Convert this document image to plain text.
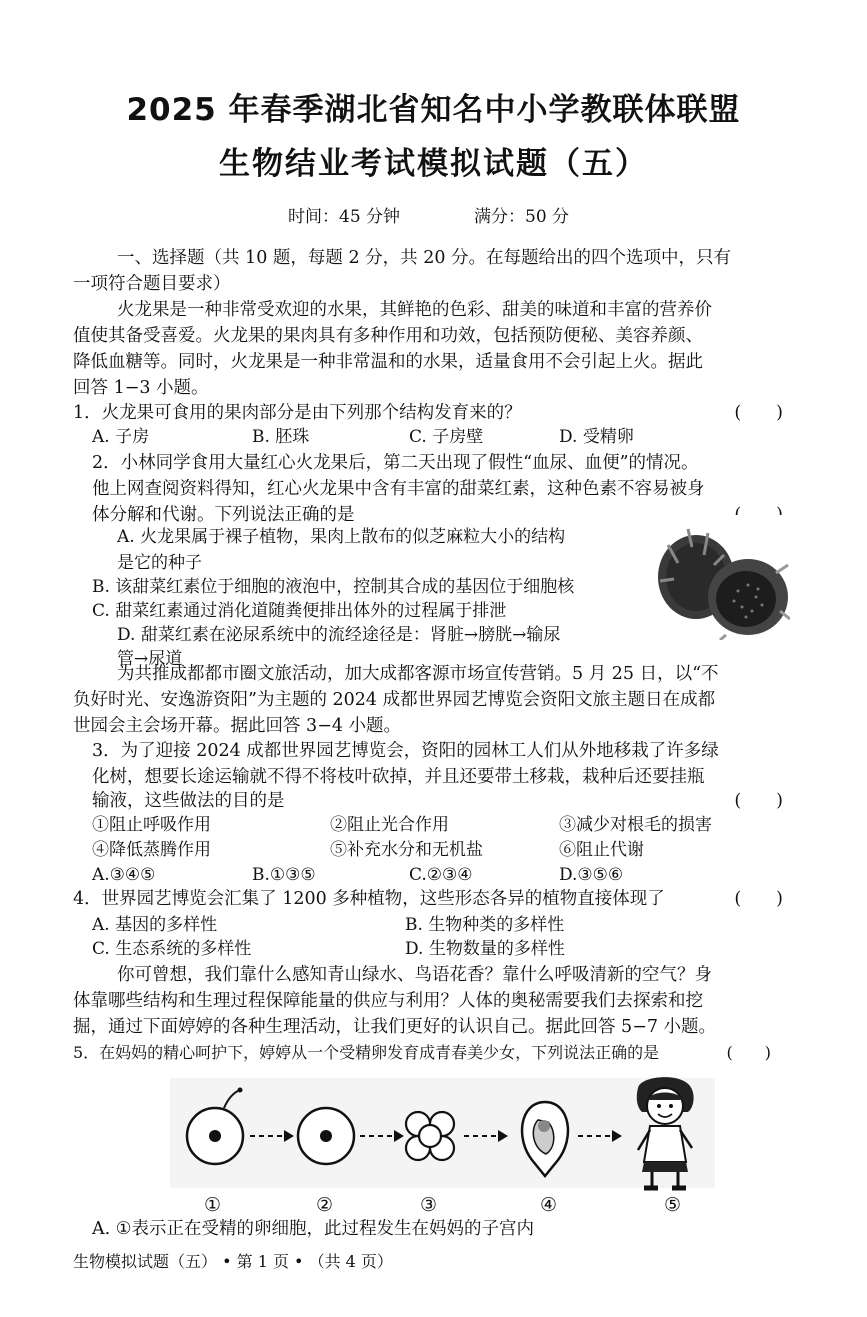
2025 年春季湖北省知名中小学教联体联盟
生物结业考试模拟试题（五）
时间：45 分钟	满分：50 分
一、选择题（共 10 题，每题 2 分，共 20 分。在每题给出的四个选项中，只有
一项符合题目要求）
火龙果是一种非常受欢迎的水果，其鲜艳的色彩、甜美的味道和丰富的营养价
值使其备受喜爱。火龙果的果肉具有多种作用和功效，包括预防便秘、美容养颜、
降低血糖等。同时，火龙果是一种非常温和的水果，适量食用不会引起上火。据此
回答 1−3 小题。
1．火龙果可食用的果肉部分是由下列那个结构发育来的？	(　　)
A. 子房	B. 胚珠	C. 子房壁	D. 受精卵
2．小林同学食用大量红心火龙果后，第二天出现了假性“血尿、血便”的情况。
他上网查阅资料得知，红心火龙果中含有丰富的甜菜红素，这种色素不容易被身
体分解和代谢。下列说法正确的是
A. 火龙果属于裸子植物，果肉上散布的似芝麻粒大小的结构
是它的种子
B. 该甜菜红素位于细胞的液泡中，控制其合成的基因位于细胞核
C. 甜菜红素通过消化道随粪便排出体外的过程属于排泄
D. 甜菜红素在泌尿系统中的流经途径是：肾脏→膀胱→输尿
管→尿道
为共推成都都市圈文旅活动，加大成都客源市场宣传营销。5 月 25 日，以“不
负好时光、安逸游资阳”为主题的 2024 成都世界园艺博览会资阳文旅主题日在成都
世园会主会场开幕。据此回答 3−4 小题。
3．为了迎接 2024 成都世界园艺博览会，资阳的园林工人们从外地移栽了许多绿
化树，想要长途运输就不得不将枝叶砍掉，并且还要带土移栽，栽种后还要挂瓶
输液，这些做法的目的是	(　　)
①阻止呼吸作用	②阻止光合作用	③减少对根毛的损害
④降低蒸腾作用	⑤补充水分和无机盐	⑥阻止代谢
A.③④⑤	B.①③⑤	C.②③④	D.③⑤⑥
4．世界园艺博览会汇集了 1200 多种植物，这些形态各异的植物直接体现了	(　　)
A. 基因的多样性	B. 生物种类的多样性
C. 生态系统的多样性	D. 生物数量的多样性
你可曾想，我们靠什么感知青山绿水、鸟语花香？靠什么呼吸清新的空气？身
体靠哪些结构和生理过程保障能量的供应与利用？人体的奥秘需要我们去探索和挖
掘，通过下面婷婷的各种生理活动，让我们更好的认识自己。据此回答 5−7 小题。
5．在妈妈的精心呵护下，婷婷从一个受精卵发育成青春美少女，下列说法正确的是	(　　)
①	②	③	④	⑤
A. ①表示正在受精的卵细胞，此过程发生在妈妈的子宫内
生物模拟试题（五） • 第 1 页 • （共 4 页）
